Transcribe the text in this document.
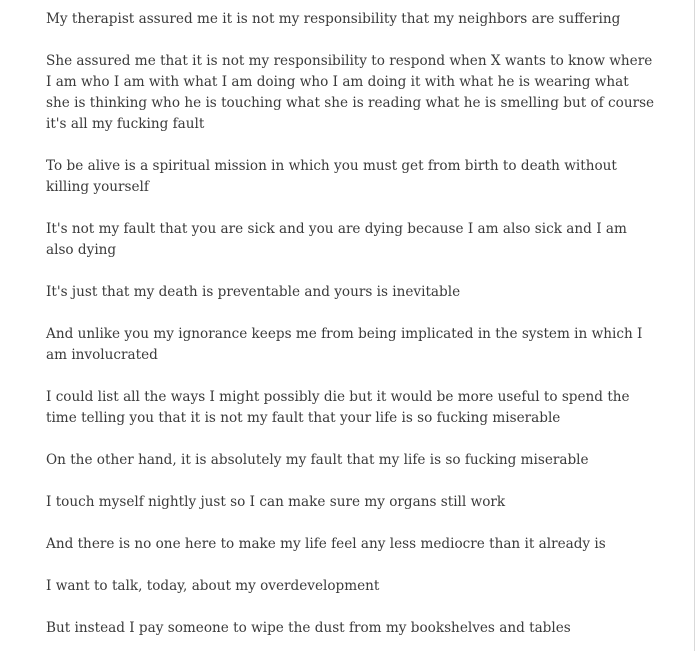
My therapist assured me it is not my responsibility that my neighbors are suffering

She assured me that it is not my responsibility to respond when X wants to know where I am who I am with what I am doing who I am doing it with what he is wearing what she is thinking who he is touching what she is reading what he is smelling but of course it's all my fucking fault

To be alive is a spiritual mission in which you must get from birth to death without killing yourself

It's not my fault that you are sick and you are dying because I am also sick and I am also dying

It's just that my death is preventable and yours is inevitable

And unlike you my ignorance keeps me from being implicated in the system in which I am involucrated

I could list all the ways I might possibly die but it would be more useful to spend the time telling you that it is not my fault that your life is so fucking miserable

On the other hand, it is absolutely my fault that my life is so fucking miserable

I touch myself nightly just so I can make sure my organs still work

And there is no one here to make my life feel any less mediocre than it already is

I want to talk, today, about my overdevelopment

But instead I pay someone to wipe the dust from my bookshelves and tables
